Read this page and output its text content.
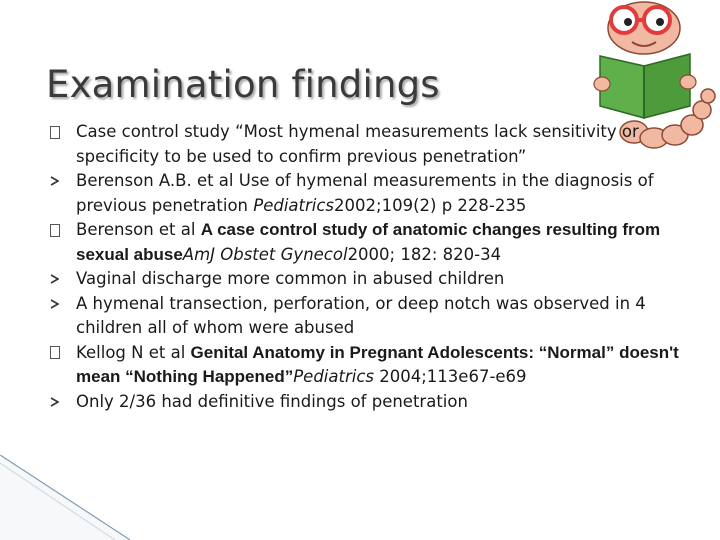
Examination findings
Case control study “Most hymenal measurements lack sensitivity or specificity to be used to confirm previous penetration”
Berenson A.B. et al Use of hymenal measurements in the diagnosis of previous penetration Pediatrics2002;109(2) p 228-235
Berenson et al A case control study of anatomic changes resulting from sexual abuseAmJ Obstet Gynecol2000; 182: 820-34
Vaginal discharge more common in abused children
A hymenal transection, perforation, or deep notch was observed in 4 children all of whom were abused
Kellog N et al Genital Anatomy in Pregnant Adolescents: “Normal” doesn't mean “Nothing Happened”Pediatrics 2004;113e67-e69
Only 2/36 had definitive findings of penetration
